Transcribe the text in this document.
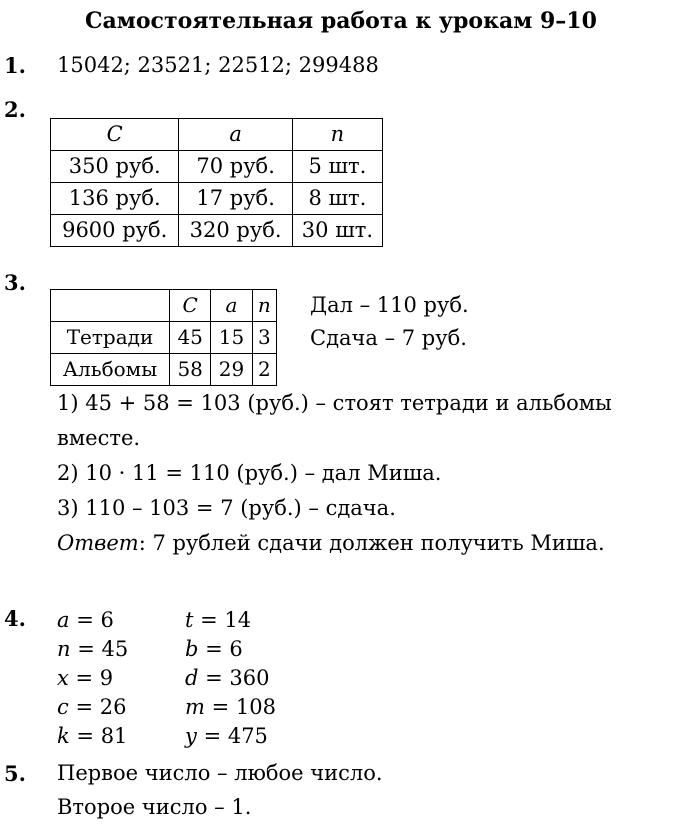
Самостоятельная работа к урокам 9–10
1. 15042; 23521; 22512; 299488
2.
C	a	n
350 руб.	70 руб.	5 шт.
136 руб.	17 руб.	8 шт.
9600 руб.	320 руб.	30 шт.
3.
	C	a	n
Тетради	45	15	3
Альбомы	58	29	2
Дал – 110 руб.
Сдача – 7 руб.
1) 45 + 58 = 103 (руб.) – стоят тетради и альбомы
вместе.
2) 10 · 11 = 110 (руб.) – дал Миша.
3) 110 – 103 = 7 (руб.) – сдача.
Ответ: 7 рублей сдачи должен получить Миша.
4. a = 6
n = 45
x = 9
c = 26
k = 81
t = 14
b = 6
d = 360
m = 108
y = 475
5. Первое число – любое число.
Второе число – 1.
